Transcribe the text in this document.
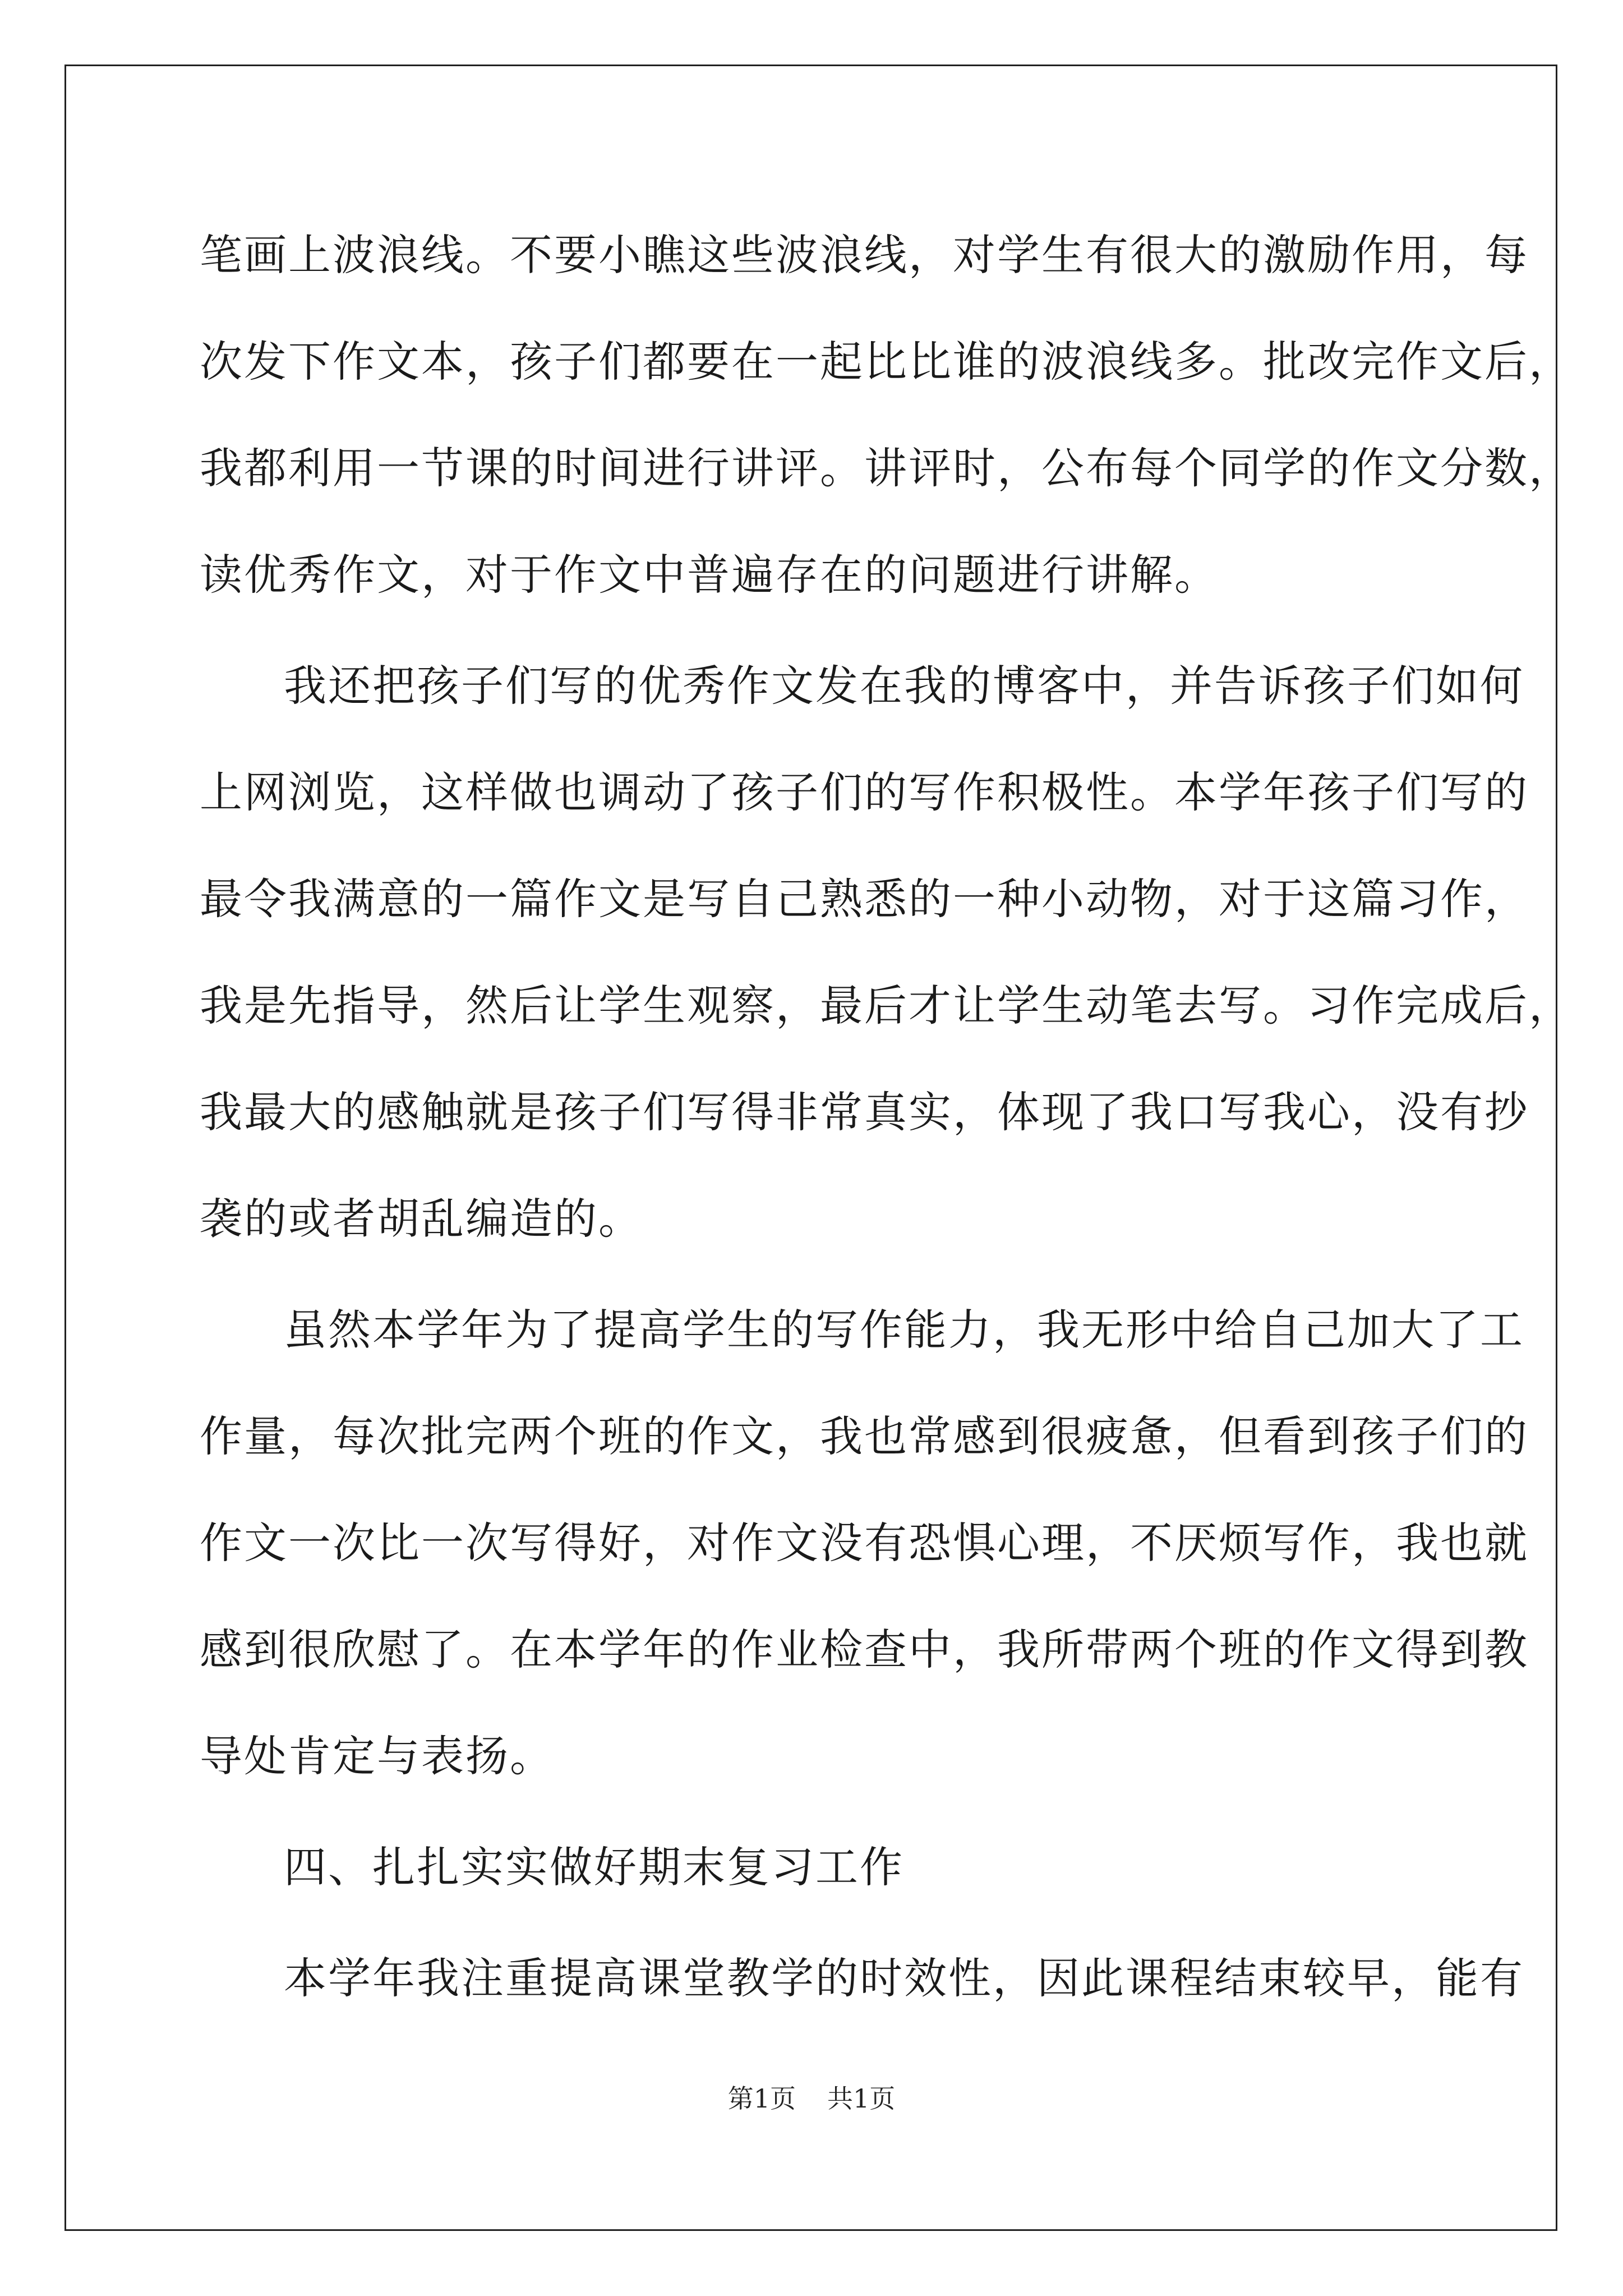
笔画上波浪线。不要小瞧这些波浪线，对学生有很大的激励作用，每
次发下作文本，孩子们都要在一起比比谁的波浪线多。批改完作文后，
我都利用一节课的时间进行讲评。讲评时，公布每个同学的作文分数，
读优秀作文，对于作文中普遍存在的问题进行讲解。
我还把孩子们写的优秀作文发在我的博客中，并告诉孩子们如何
上网浏览，这样做也调动了孩子们的写作积极性。本学年孩子们写的
最令我满意的一篇作文是写自己熟悉的一种小动物，对于这篇习作，
我是先指导，然后让学生观察，最后才让学生动笔去写。习作完成后，
我最大的感触就是孩子们写得非常真实，体现了我口写我心，没有抄
袭的或者胡乱编造的。
虽然本学年为了提高学生的写作能力，我无形中给自己加大了工
作量，每次批完两个班的作文，我也常感到很疲惫，但看到孩子们的
作文一次比一次写得好，对作文没有恐惧心理，不厌烦写作，我也就
感到很欣慰了。在本学年的作业检查中，我所带两个班的作文得到教
导处肯定与表扬。
四、扎扎实实做好期末复习工作
本学年我注重提高课堂教学的时效性，因此课程结束较早，能有
第1页 共1页
